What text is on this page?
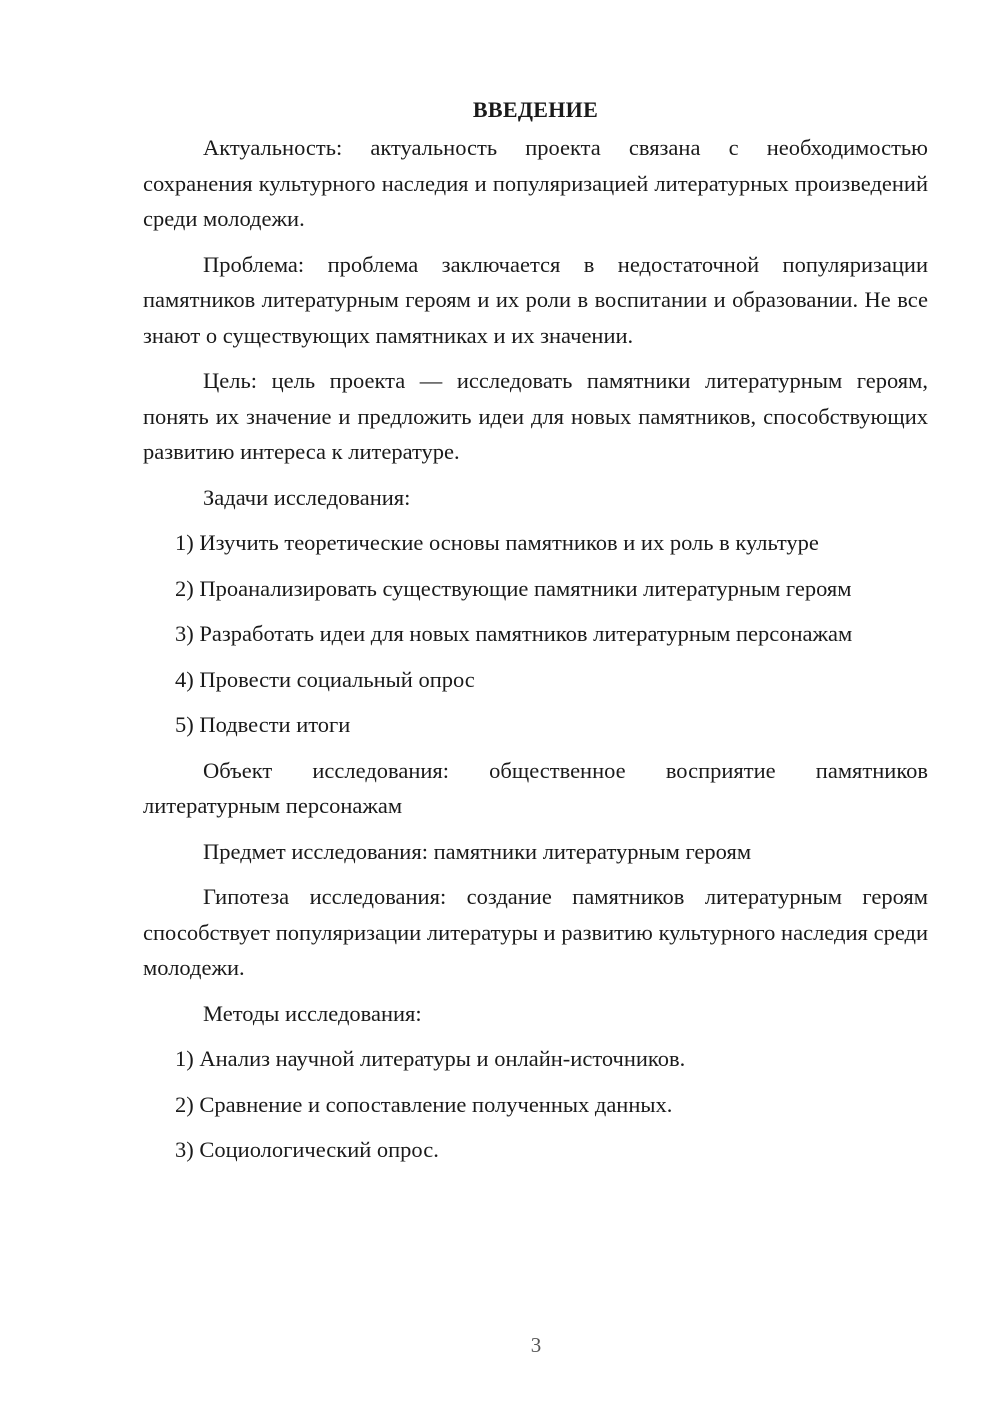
ВВЕДЕНИЕ

Актуальность: актуальность проекта связана с необходимостью сохранения культурного наследия и популяризацией литературных произведений среди молодежи.

Проблема: проблема заключается в недостаточной популяризации памятников литературным героям и их роли в воспитании и образовании. Не все знают о существующих памятниках и их значении.

Цель: цель проекта — исследовать памятники литературным героям, понять их значение и предложить идеи для новых памятников, способствующих развитию интереса к литературе.

Задачи исследования:

1) Изучить теоретические основы памятников и их роль в культуре
2) Проанализировать существующие памятники литературным героям
3) Разработать идеи для новых памятников литературным персонажам
4) Провести социальный опрос
5) Подвести итоги

Объект исследования: общественное восприятие памятников литературным персонажам

Предмет исследования: памятники литературным героям

Гипотеза исследования: создание памятников литературным героям способствует популяризации литературы и развитию культурного наследия среди молодежи.

Методы исследования:

1) Анализ научной литературы и онлайн-источников.
2) Сравнение и сопоставление полученных данных.
3) Социологический опрос.
3
